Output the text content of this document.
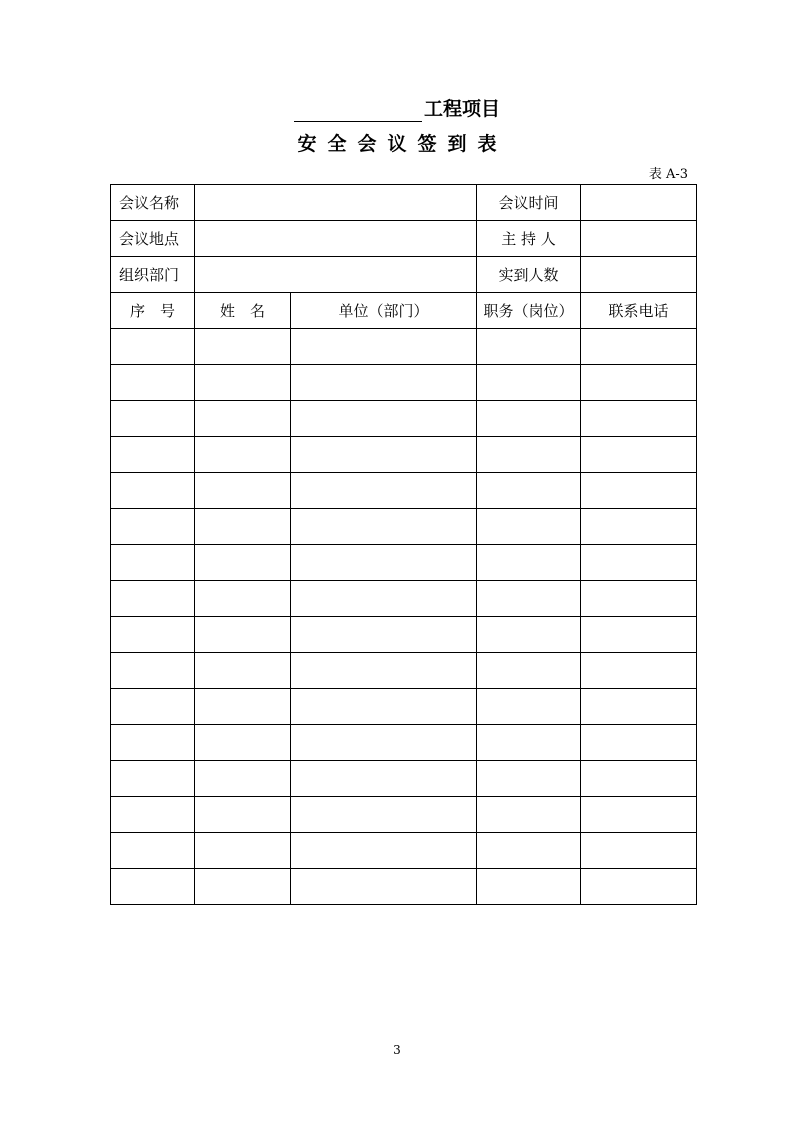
工程项目
安全会议签到表
表 A-3
会议名称			会议时间	
会议地点			主 持 人	
组织部门			实到人数	
序　号	姓　名	单位（部门）	职务（岗位）	联系电话

3
